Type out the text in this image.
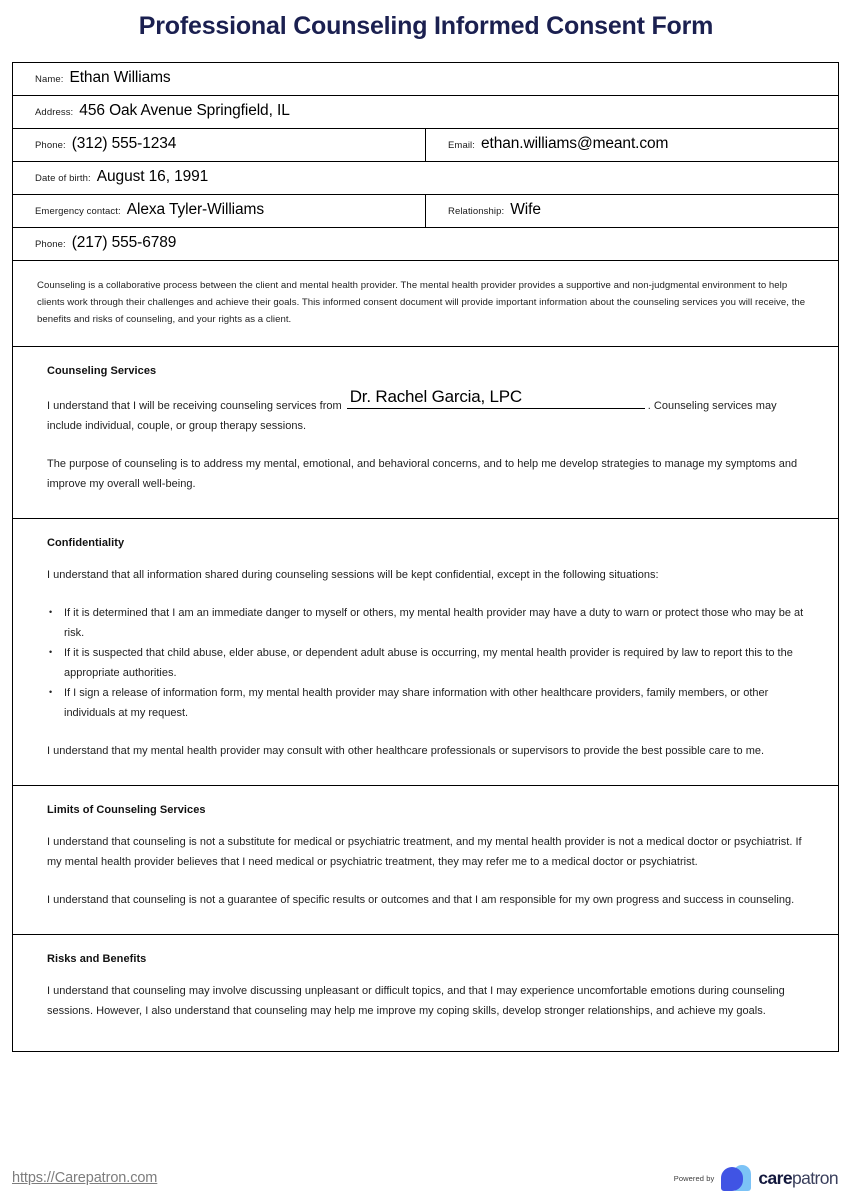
Professional Counseling Informed Consent Form
Name: Ethan Williams
Address: 456 Oak Avenue Springfield, IL
Phone: (312) 555-1234	Email: ethan.williams@meant.com
Date of birth: August 16, 1991
Emergency contact: Alexa Tyler-Williams	Relationship: Wife
Phone: (217) 555-6789

Counseling is a collaborative process between the client and mental health provider. The mental health provider provides a supportive and non-judgmental environment to help clients work through their challenges and achieve their goals. This informed consent document will provide important information about the counseling services you will receive, the benefits and risks of counseling, and your rights as a client.

Counseling Services

I understand that I will be receiving counseling services from Dr. Rachel Garcia, LPC	. Counseling services may include individual, couple, or group therapy sessions.

The purpose of counseling is to address my mental, emotional, and behavioral concerns, and to help me develop strategies to manage my symptoms and improve my overall well-being.

Confidentiality

I understand that all information shared during counseling sessions will be kept confidential, except in the following situations:

• If it is determined that I am an immediate danger to myself or others, my mental health provider may have a duty to warn or protect those who may be at risk.
• If it is suspected that child abuse, elder abuse, or dependent adult abuse is occurring, my mental health provider is required by law to report this to the appropriate authorities.
• If I sign a release of information form, my mental health provider may share information with other healthcare providers, family members, or other individuals at my request.

I understand that my mental health provider may consult with other healthcare professionals or supervisors to provide the best possible care to me.

Limits of Counseling Services

I understand that counseling is not a substitute for medical or psychiatric treatment, and my mental health provider is not a medical doctor or psychiatrist. If my mental health provider believes that I need medical or psychiatric treatment, they may refer me to a medical doctor or psychiatrist.

I understand that counseling is not a guarantee of specific results or outcomes and that I am responsible for my own progress and success in counseling.

Risks and Benefits

I understand that counseling may involve discussing unpleasant or difficult topics, and that I may experience uncomfortable emotions during counseling sessions. However, I also understand that counseling may help me improve my coping skills, develop stronger relationships, and achieve my goals.

https://Carepatron.com	Powered by	carepatron
